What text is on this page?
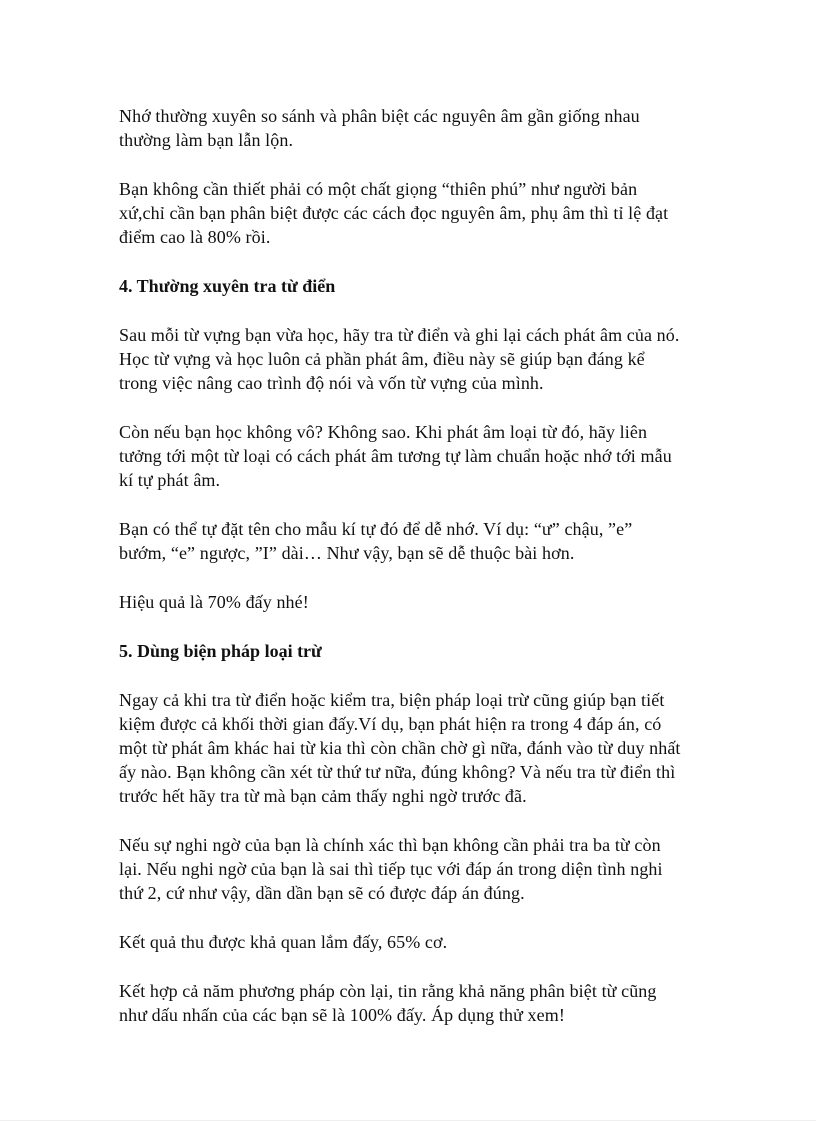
Nhớ thường xuyên so sánh và phân biệt các nguyên âm gần giống nhau
thường làm bạn lẫn lộn.

Bạn không cần thiết phải có một chất giọng “thiên phú” như người bản
xứ,chỉ cần bạn phân biệt được các cách đọc nguyên âm, phụ âm thì tỉ lệ đạt
điểm cao là 80% rồi.

4. Thường xuyên tra từ điển

Sau mỗi từ vựng bạn vừa học, hãy tra từ điển và ghi lại cách phát âm của nó.
Học từ vựng và học luôn cả phần phát âm, điều này sẽ giúp bạn đáng kể
trong việc nâng cao trình độ nói và vốn từ vựng của mình.

Còn nếu bạn học không vô? Không sao. Khi phát âm loại từ đó, hãy liên
tưởng tới một từ loại có cách phát âm tương tự làm chuẩn hoặc nhớ tới mẫu
kí tự phát âm.

Bạn có thể tự đặt tên cho mẫu kí tự đó để dễ nhớ. Ví dụ: “ư” chậu, ”e”
bướm, “e” ngược, ”I” dài… Như vậy, bạn sẽ dễ thuộc bài hơn.

Hiệu quả là 70% đấy nhé!

5. Dùng biện pháp loại trừ

Ngay cả khi tra từ điển hoặc kiểm tra, biện pháp loại trừ cũng giúp bạn tiết
kiệm được cả khối thời gian đấy.Ví dụ, bạn phát hiện ra trong 4 đáp án, có
một từ phát âm khác hai từ kia thì còn chần chờ gì nữa, đánh vào từ duy nhất
ấy nào. Bạn không cần xét từ thứ tư nữa, đúng không? Và nếu tra từ điển thì
trước hết hãy tra từ mà bạn cảm thấy nghi ngờ trước đã.

Nếu sự nghi ngờ của bạn là chính xác thì bạn không cần phải tra ba từ còn
lại. Nếu nghi ngờ của bạn là sai thì tiếp tục với đáp án trong diện tình nghi
thứ 2, cứ như vậy, dần dần bạn sẽ có được đáp án đúng.

Kết quả thu được khả quan lắm đấy, 65% cơ.

Kết hợp cả năm phương pháp còn lại, tin rằng khả năng phân biệt từ cũng
như dấu nhấn của các bạn sẽ là 100% đấy. Áp dụng thử xem!
